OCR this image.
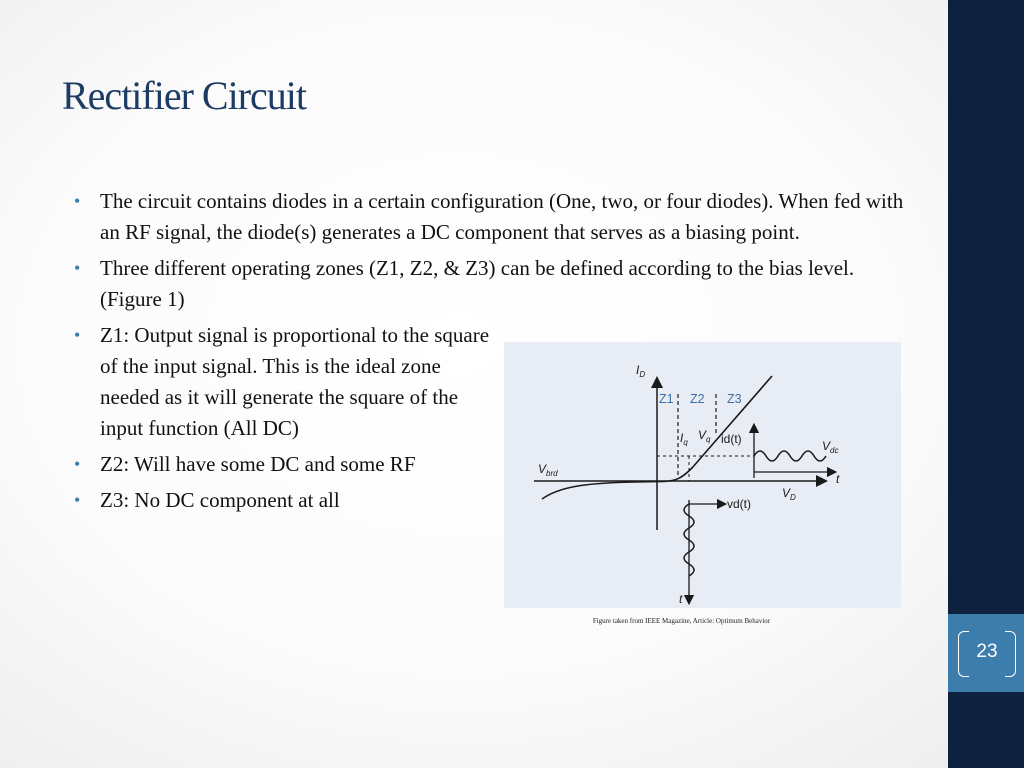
23
Rectifier Circuit
• The circuit contains diodes in a certain configuration (One, two, or four diodes). When fed with an RF signal, the diode(s) generates a DC component that serves as a biasing point.
• Three different operating zones (Z1, Z2, & Z3) can be defined according to the bias level. (Figure 1)
• Z1: Output signal is proportional to the square of the input signal. This is the ideal zone needed as it will generate the square of the input function (All DC)
• Z2: Will have some DC and some RF
• Z3: No DC component at all
$I_D$
$V_D$
$V_{brd}$
Z1 Z2 Z3
$I_q$
$V_q$ id(t)	$V_{dc}$
t
vd(t)
t
Figure taken from IEEE Magazine, Article: Optimum Behavior
